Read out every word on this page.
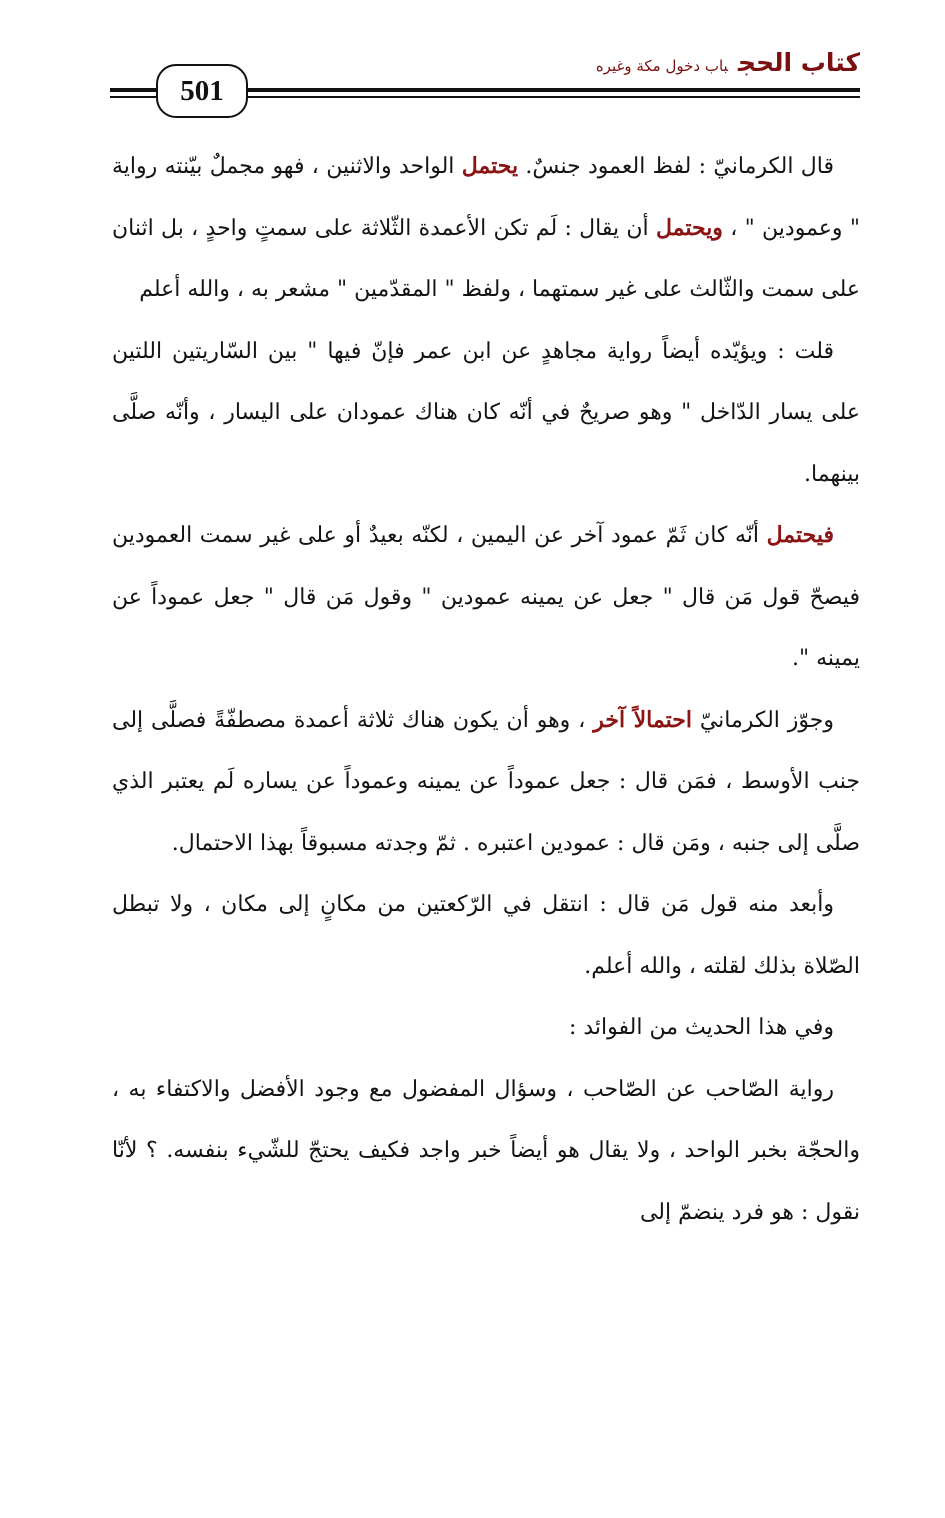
501
كتاب الحجباب دخول مكة وغيره

قال الكرمانيّ : لفظ العمود جنسٌ. يحتمل الواحد والاثنين ، فهو مجملٌ بيّنته رواية " وعمودين " ، ويحتمل أن يقال : لَم تكن الأعمدة الثّلاثة على سمتٍ واحدٍ ، بل اثنان على سمت والثّالث على غير سمتهما ، ولفظ " المقدّمين " مشعر به ، والله أعلم

قلت : ويؤيّده أيضاً رواية مجاهدٍ عن ابن عمر فإنّ فيها " بين السّاريتين اللتين على يسار الدّاخل " وهو صريحٌ في أنّه كان هناك عمودان على اليسار ، وأنّه صلَّى بينهما.

فيحتمل أنّه كان ثَمّ عمود آخر عن اليمين ، لكنّه بعيدٌ أو على غير سمت العمودين فيصحّ قول مَن قال " جعل عن يمينه عمودين " وقول مَن قال " جعل عموداً عن يمينه ".

وجوّز الكرمانيّ احتمالاً آخر ، وهو أن يكون هناك ثلاثة أعمدة مصطفّةً فصلَّى إلى جنب الأوسط ، فمَن قال : جعل عموداً عن يمينه وعموداً عن يساره لَم يعتبر الذي صلَّى إلى جنبه ، ومَن قال : عمودين اعتبره . ثمّ وجدته مسبوقاً بهذا الاحتمال.

وأبعد منه قول مَن قال : انتقل في الرّكعتين من مكانٍ إلى مكان ، ولا تبطل الصّلاة بذلك لقلته ، والله أعلم.

وفي هذا الحديث من الفوائد :

رواية الصّاحب عن الصّاحب ، وسؤال المفضول مع وجود الأفضل والاكتفاء به ، والحجّة بخبر الواحد ، ولا يقال هو أيضاً خبر واجد فكيف يحتجّ للشّيء بنفسه. ؟ لأنّا نقول : هو فرد ينضمّ إلى
